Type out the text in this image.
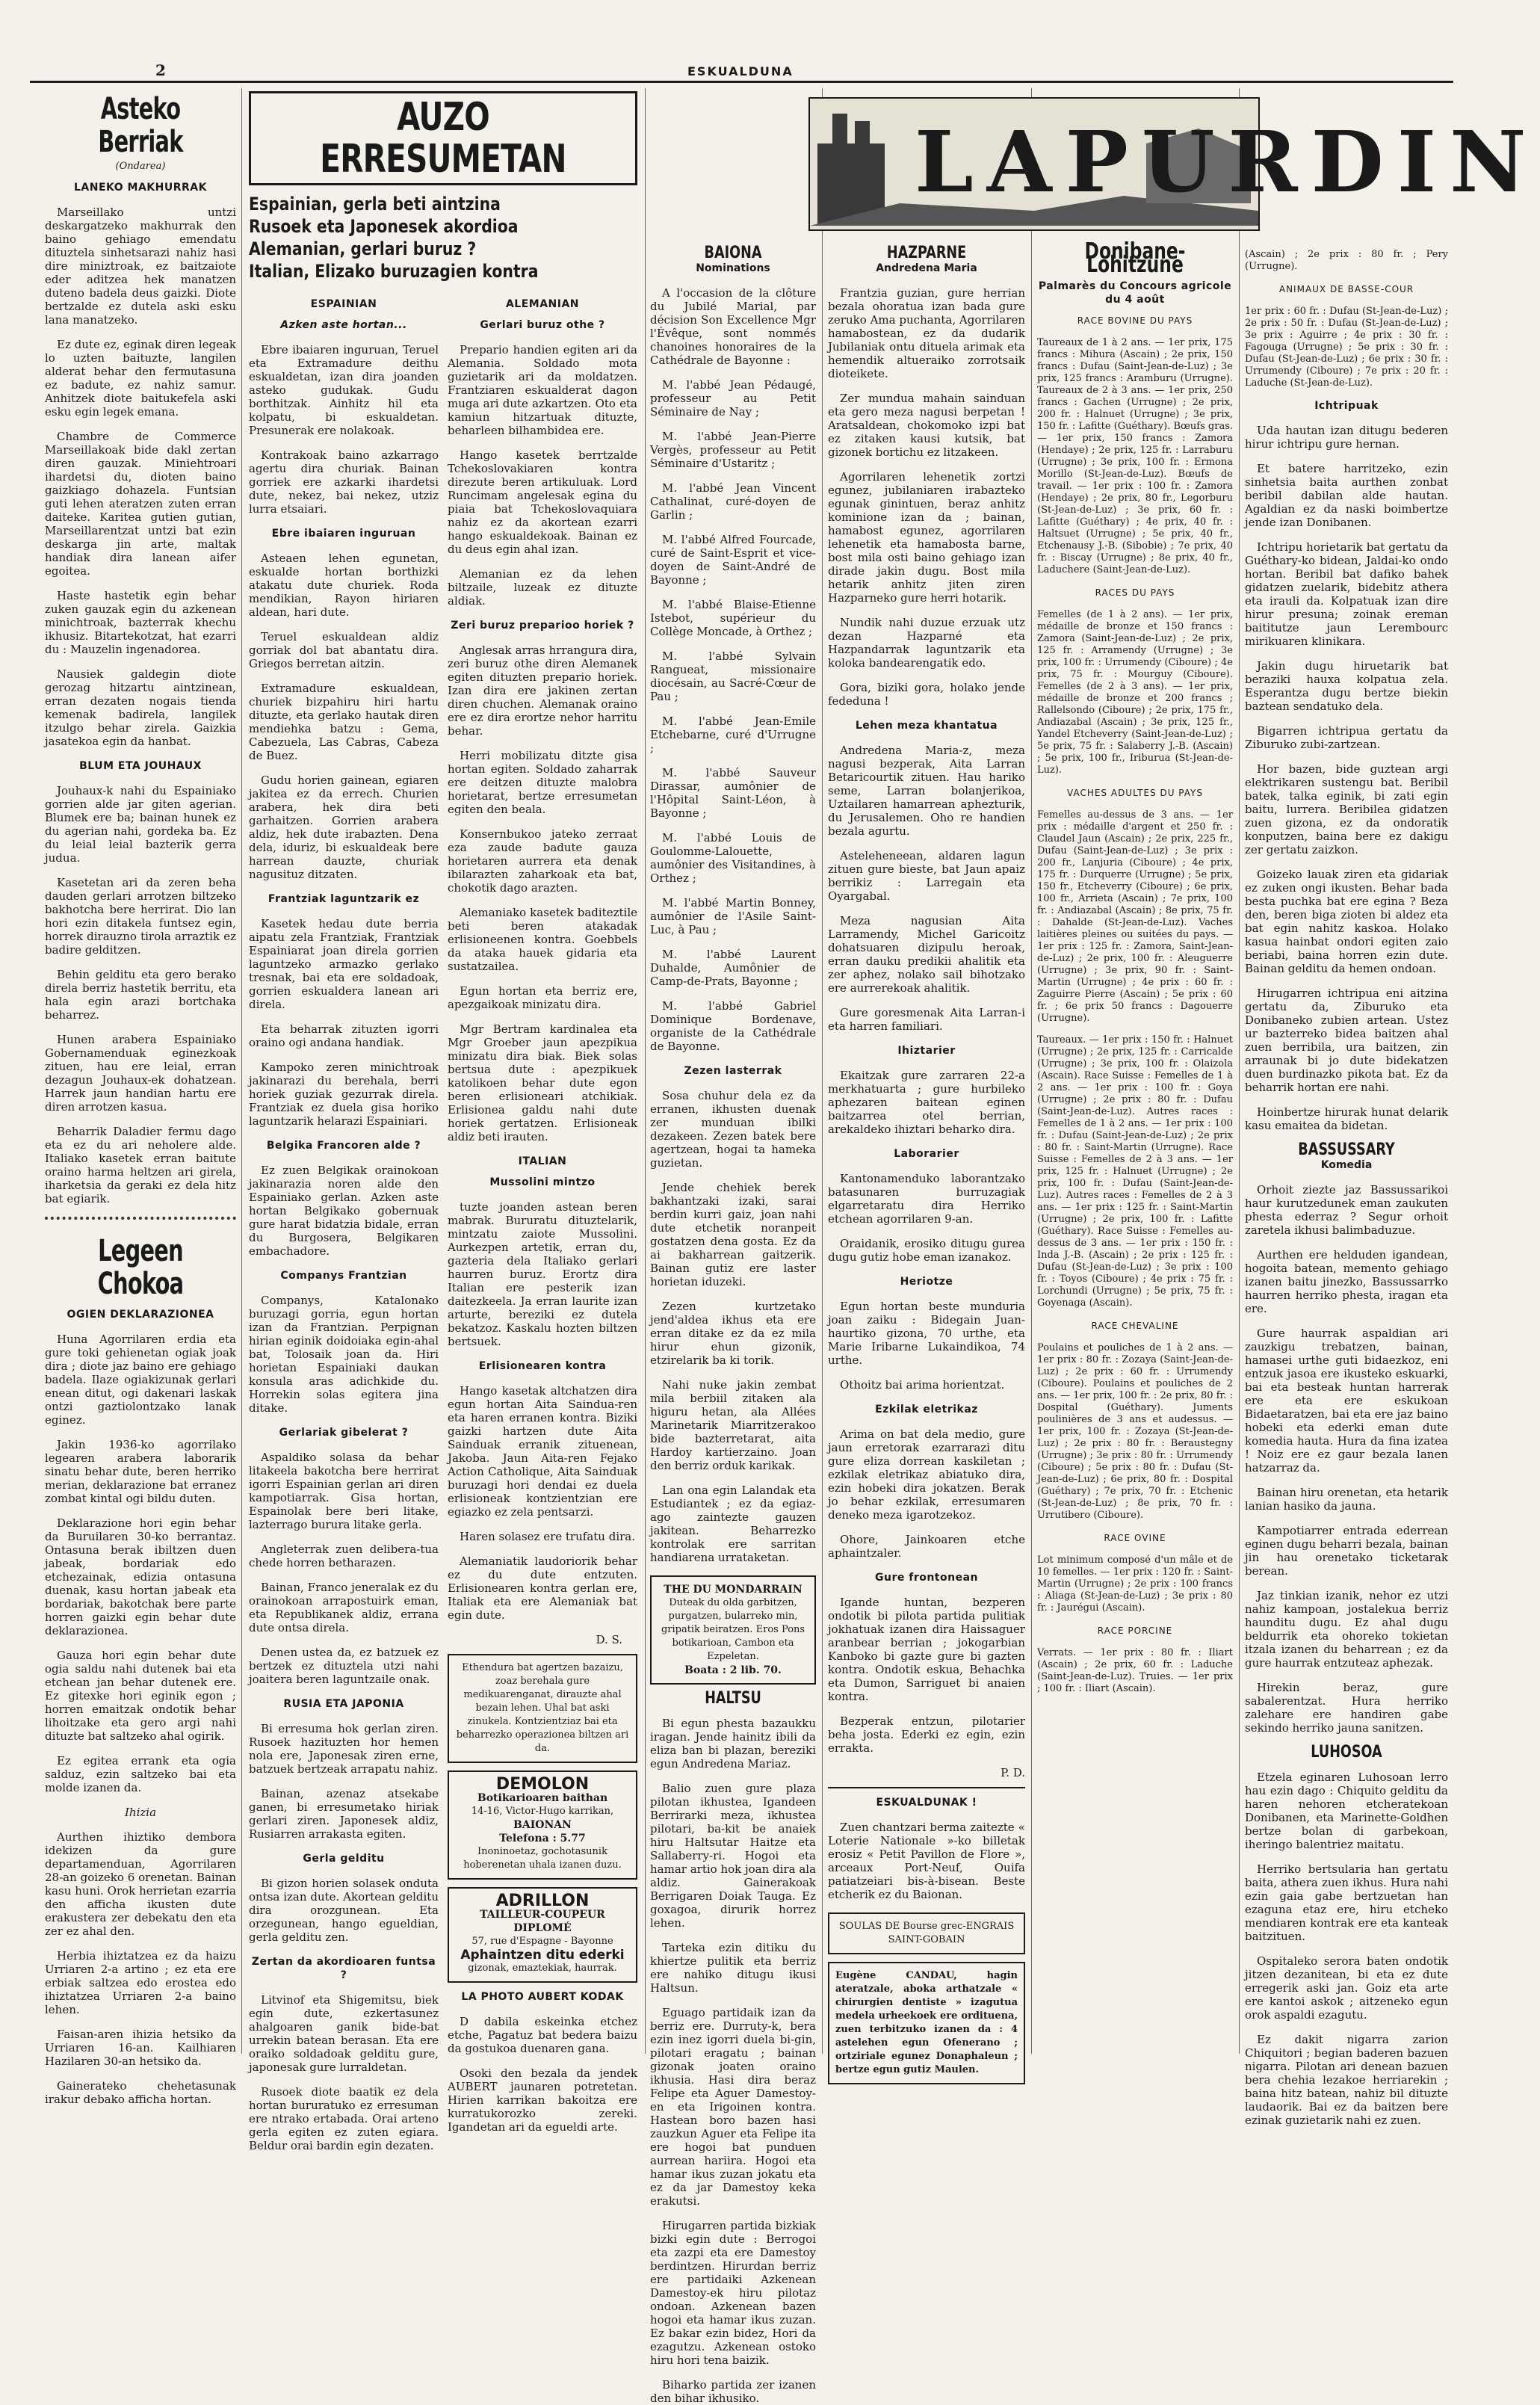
2	ESKUALDUNA
Asteko Berriak
(Ondarea)
LANEKO MAKHURRAK

Marseillako untzi deskargatzeko makhurrak den baino gehiago emendatu dituztela sinhetsarazi nahiz hasi dire miniztroak, ez baitzaiote eder aditzea hek manatzen duteno badela deus gaizki. Diote bertzalde ez dutela aski esku lana manatzeko.

Ez dute ez, eginak diren legeak lo uzten baituzte, langilen alderat behar den fermutasuna ez badute, ez nahiz samur. Anhitzek diote baitukefela aski esku egin legek emana.

Chambre de Commerce Marseillakoak bide dakl zertan diren gauzak. Miniehtroari ihardetsi du, dioten baino gaizkiago dohazela. Funtsian guti lehen ateratzen zuten erran daiteke. Karitea gutien gutian, Marseillarentzat untzi bat ezin deskarga jin arte, maltak handiak dira lanean aifer egoitea.

Haste hastetik egin behar zuken gauzak egin du azkenean minichtroak, bazterrak khechu ikhusiz. Bitartekotzat, hat ezarri du : Mauzelin ingenadorea.

Nausiek galdegin diote gerozag hitzartu aintzinean, erran dezaten nogais tienda kemenak badirela, langilek itzulgo behar zirela. Gaizkia jasatekoa egin da hanbat.

BLUM ETA JOUHAUX

Jouhaux-k nahi du Espainiako gorrien alde jar giten agerian. Blumek ere ba; bainan hunek ez du agerian nahi, gordeka ba. Ez du leial leial bazterik gerra judua.

Kasetetan ari da zeren beha dauden gerlari arrotzen biltzeko bakhotcha bere herrirat. Dio lan hori ezin ditakela funtsez egin, horrek dirauzno tirola arraztik ez badire gelditzen.

Behin gelditu eta gero berako direla berriz hastetik berritu, eta hala egin arazi bortchaka beharrez.

Hunen arabera Espainiako Gobernamenduak eginezkoak zituen, hau ere leial, erran dezagun Jouhaux-ek dohatzean. Harrek jaun handian hartu ere diren arrotzen kasua.

Beharrik Daladier fermu dago eta ez du ari neholere alde. Italiako kasetek erran baitute oraino harma heltzen ari girela, iharketsia da geraki ez dela hitz bat egiarik.

Legeen Chokoa
OGIEN DEKLARAZIONEA

Huna Agorrilaren erdia eta gure toki gehienetan ogiak joak dira ; diote jaz baino ere gehiago badela. Ilaze ogiakizunak gerlari enean ditut, ogi dakenari laskak ontzi gaztiolontzako lanak eginez.

Jakin 1936-ko agorrilako legearen arabera laborarik sinatu behar dute, beren herriko merian, deklarazione bat erranez zombat kintal ogi bildu duten.

Deklarazione hori egin behar da Buruilaren 30-ko berrantaz. Ontasuna berak ibiltzen duen jabeak, bordariak edo etchezainak, edizia ontasuna duenak, kasu hortan jabeak eta bordariak, bakotchak bere parte horren gaizki egin behar dute deklarazionea.

Gauza hori egin behar dute ogia saldu nahi dutenek bai eta etchean jan behar dutenek ere. Ez gitexke hori eginik egon ; horren emaitzak ondotik behar lihoitzake eta gero argi nahi dituzte bat saltzeko ahal ogirik.

Ez egitea errank eta ogia salduz, ezin saltzeko bai eta molde izanen da.

Ihizia

Aurthen ihiztiko dembora idekizen da gure departamenduan, Agorrilaren 28-an goizeko 6 orenetan. Bainan kasu huni. Orok herrietan ezarria den afficha ikusten dute erakustera zer debekatu den eta zer ez ahal den.

Herbia ihiztatzea ez da haizu Urriaren 2-a artino ; ez eta ere erbiak saltzea edo erostea edo ihiztatzea Urriaren 2-a baino lehen.

Faisan-aren ihizia hetsiko da Urriaren 16-an. Kailhiaren Hazilaren 30-an hetsiko da.

Gainerateko chehetasunak irakur debako afficha hortan.

AUZO ERRESUMETAN
Espainian, gerla beti aintzina
Rusoek eta Japonesek akordioa
Alemanian, gerlari buruz ?
Italian, Elizako buruzagien kontra
ESPAINIAN
Azken aste hortan...

Ebre ibaiaren inguruan, Teruel eta Extramadure deithu eskualdetan, izan dira joanden asteko gudukak. Gudu borthitzak. Ainhitz hil eta kolpatu, bi eskualdetan. Presunerak ere nolakoak.

Kontrakoak baino azkarrago agertu dira churiak. Bainan gorriek ere azkarki ihardetsi dute, nekez, bai nekez, utziz lurra etsaiari.

Ebre ibaiaren inguruan

Asteaen lehen egunetan, eskualde hortan borthizki atakatu dute churiek. Roda mendikian, Rayon hiriaren aldean, hari dute.

Teruel eskualdean aldiz gorriak dol bat abantatu dira. Griegos berretan aitzin.

Extramadure eskualdean, churiek bizpahiru hiri hartu dituzte, eta gerlako hautak diren mendiehka batzu : Gema, Cabezuela, Las Cabras, Cabeza de Buez.

Gudu horien gainean, egiaren jakitea ez da errech. Churien arabera, hek dira beti garhaitzen. Gorrien arabera aldiz, hek dute irabazten. Dena dela, iduriz, bi eskualdeak bere harrean dauzte, churiak nagusituz ditzaten.

Frantziak laguntzarik ez

Kasetek hedau dute berria aipatu zela Frantziak, Frantziak Espainiarat joan direla gorrien laguntzeko armazko gerlako tresnak, bai eta ere soldadoak, gorrien eskualdera lanean ari direla.

Eta beharrak zituzten igorri oraino ogi andana handiak.

Kampoko zeren minichtroak jakinarazi du berehala, berri horiek guziak gezurrak direla. Frantziak ez duela gisa horiko laguntzarik helarazi Espainiari.

Belgika Francoren alde ?

Ez zuen Belgikak orainokoan jakinarazia noren alde den Espainiako gerlan. Azken aste hortan Belgikako gobernuak gure harat bidatzia bidale, erran du Burgosera, Belgikaren embachadore.

Companys Frantzian

Companys, Katalonako buruzagi gorria, egun hortan izan da Frantzian. Perpignan hirian eginik doidoiaka egin-ahal bat, Tolosaik joan da. Hiri horietan Espainiaki daukan konsula aras adichkide du. Horrekin solas egitera jina ditake.

Gerlariak gibelerat ?

Aspaldiko solasa da behar litakeela bakotcha bere herrirat igorri Espainian gerlan ari diren kampotiarrak. Gisa hortan, Espainolak bere beri litake, lazterrago burura litake gerla.

Angleterrak zuen delibera-tua chede horren betharazen.

Bainan, Franco jeneralak ez du orainokoan arrapostuirk eman, eta Republikanek aldiz, errana dute ontsa direla.

Denen ustea da, ez batzuek ez bertzek ez dituztela utzi nahi joaitera beren laguntzaile onak.

RUSIA ETA JAPONIA

Bi erresuma hok gerlan ziren. Rusoek hazituzten hor hemen nola ere, Japonesak ziren erne, batzuek bertzeak arrapatu nahiz.

Bainan, azenaz atsekabe ganen, bi erresumetako hiriak gerlari ziren. Japonesek aldiz, Rusiarren arrakasta egiten.

Gerla gelditu

Bi gizon horien solasek onduta ontsa izan dute. Akortean gelditu dira orozgunean. Eta orzegunean, hango egueldian, gerla gelditu zen.

Zertan da akordioaren funtsa ?

Litvinof eta Shigemitsu, biek egin dute, ezkertasunez ahalgoaren ganik bide-bat urrekin batean berasan. Eta ere oraiko soldadoak gelditu gure, japonesak gure lurraldetan.

Rusoek diote baatik ez dela hortan bururatuko ez erresuman ere ntrako ertabada. Orai arteno gerla egiten ez zuten egiara. Beldur orai bardin egin dezaten.

ALEMANIAN
Gerlari buruz othe ?

Prepario handien egiten ari da Alemania. Soldado mota guzietarik ari da moldatzen. Frantziaren eskualderat dagon muga ari dute azkartzen. Oto eta kamiun hitzartuak dituzte, beharleen bilhambidea ere.

Hango kasetek berrtzalde Tchekoslovakiaren kontra direzute beren artikuluak. Lord Runcimam angelesak egina du piaia bat Tchekoslovaquiara nahiz ez da akortean ezarri hango eskualdekoak. Bainan ez du deus egin ahal izan.

Alemanian ez da lehen biltzaile, luzeak ez dituzte aldiak.

Zeri buruz preparioo horiek ?

Anglesak arras hrrangura dira, zeri buruz othe diren Alemanek egiten dituzten prepario horiek. Izan dira ere jakinen zertan diren chuchen. Alemanak oraino ere ez dira erortze nehor harritu behar.

Herri mobilizatu ditzte gisa hortan egiten. Soldado zaharrak ere deitzen dituzte malobra horietarat, bertze erresumetan egiten den beala.

Konsernbukoo jateko zerraat eza zaude badute gauza horietaren aurrera eta denak ibilarazten zaharkoak eta bat, chokotik dago arazten.

Alemaniako kasetek baditeztile beti beren atakadak erlisioneenen kontra. Goebbels da ataka hauek gidaria eta sustatzailea.

Egun hortan eta berriz ere, apezgaikoak minizatu dira.

Mgr Bertram kardinalea eta Mgr Groeber jaun apezpikua minizatu dira biak. Biek solas bertsua dute : apezpikuek katolikoen behar dute egon beren erlisioneari atchikiak. Erlisionea galdu nahi dute horiek gertatzen. Erlisioneak aldiz beti irauten.

ITALIAN
Mussolini mintzo

tuzte joanden astean beren mabrak. Bururatu dituztelarik, mintzatu zaiote Mussolini. Aurkezpen artetik, erran du, gazteria dela Italiako gerlari haurren buruz. Erortz dira Italian ere pesterik izan daitezkeela. Ja erran laurite izan arturte, bereziki ez dutela bekatzoz. Kaskalu hozten biltzen bertsuek.

Erlisionearen kontra

Hango kasetak altchatzen dira egun hortan Aita Saindua-ren eta haren erranen kontra. Biziki gaizki hartzen dute Aita Sainduak erranik zituenean, Jakoba. Jaun Aita-ren Fejako Action Catholique, Aita Sainduak buruzagi hori dendai ez duela erlisioneak kontzientzian ere egiazko ez zela pentsarzi.

Haren solasez ere trufatu dira.

Alemaniatik laudoriorik behar ez du dute entzuten. Erlisionearen kontra gerlan ere, Italiak eta ere Alemaniak bat egin dute.

D. S.
Ethendura bat agertzen bazaizu, zoaz berehala gure medikuarenganat, dirauzte ahal bezain lehen. Uhal bat aski zinukela. Kontzientziaz bai eta beharrezko operazionea biltzen ari da.
DEMOLON
Botikarioaren baithan
14-16, Victor-Hugo karrikan,
BAIONAN
Telefona : 5.77
Inoninoetaz, gochotasunik hoberenetan uhala izanen duzu.
ADRILLON
TAILLEUR-COUPEUR DIPLOMÉ
57, rue d'Espagne - Bayonne
Aphaintzen ditu ederki
gizonak, emaztekiak, haurrak.
LA PHOTO AUBERT KODAK

D dabila eskeinka etchez etche, Pagatuz bat bedera baizu da gostukoa duenaren gana.

Osoki den bezala da jendek AUBERT jaunaren potretetan. Hirien karrikan bakoitza ere kurratukorozko zereki. Igandetan ari da egueldi arte.

LAPURDIN
BAIONA
Nominations

A l'occasion de la clôture du Jubilé Marial, par décision Son Excellence Mgr l'Évêque, sont nommés chanoines honoraires de la Cathédrale de Bayonne :

M. l'abbé Jean Pédaugé, professeur au Petit Séminaire de Nay ;

M. l'abbé Jean-Pierre Vergès, professeur au Petit Séminaire d'Ustaritz ;

M. l'abbé Jean Vincent Cathalinat, curé-doyen de Garlin ;

M. l'abbé Alfred Fourcade, curé de Saint-Esprit et vice-doyen de Saint-André de Bayonne ;

M. l'abbé Blaise-Etienne Istebot, supérieur du Collège Moncade, à Orthez ;

M. l'abbé Sylvain Rangueat, missionaire diocésain, au Sacré-Cœur de Pau ;

M. l'abbé Jean-Emile Etchebarne, curé d'Urrugne ;

M. l'abbé Sauveur Dirassar, aumônier de l'Hôpital Saint-Léon, à Bayonne ;

M. l'abbé Louis de Goulomme-Lalouette, aumônier des Visitandines, à Orthez ;

M. l'abbé Martin Bonney, aumônier de l'Asile Saint-Luc, à Pau ;

M. l'abbé Laurent Duhalde, Aumônier de Camp-de-Prats, Bayonne ;

M. l'abbé Gabriel Dominique Bordenave, organiste de la Cathédrale de Bayonne.

Zezen lasterrak

Sosa chuhur dela ez da erranen, ikhusten duenak zer munduan ibilki dezakeen. Zezen batek bere agertzean, hogai ta hameka guzietan.

Jende chehiek berek bakhantzaki izaki, sarai berdin kurri gaiz, joan nahi dute etchetik noranpeit gostatzen dena gosta. Ez da ai bakharrean gaitzerik. Bainan gutiz ere laster horietan iduzeki.

Zezen kurtzetako jend'aldea ikhus eta ere erran ditake ez da ez mila hirur ehun gizonik, etzirelarik ba ki torik.

Nahi nuke jakin zembat mila berbiil zitaken ala higuru hetan, ala Allées Marinetarik Miarritzerakoo bide bazterretarat, aita Hardoy kartierzaino. Joan den berriz orduk karikak.

Lan ona egin Lalandak eta Estudiantek ; ez da egiaz-ago zaintezte gauzen jakitean. Beharrezko kontrolak ere sarritan handiarena urrataketan.

THE DU MONDARRAIN
Duteak du olda garbitzen, purgatzen, bularreko min, gripatik beiratzen. Eros Pons botikarioan, Cambon eta Ezpeletan.
Boata : 2 lib. 70.
HALTSU

Bi egun phesta bazaukku iragan. Jende hainitz ibili da eliza ban bi plazan, bereziki egun Andredena Mariaz.

Balio zuen gure plaza pilotan ikhustea, Igandeen Berrirarki meza, ikhustea pilotari, ba-kit be anaiek hiru Haltsutar Haitze eta Sallaberry-ri. Hogoi eta hamar artio hok joan dira ala aldiz. Gainerakoak Berrigaren Doiak Tauga. Ez goxagoa, dirurik horrez lehen.

Tarteka ezin ditiku du khiertze pulitik eta berriz ere nahiko ditugu ikusi Haltsun.

Eguago partidaik izan da berriz ere. Durruty-k, bera ezin inez igorri duela bi-gin, pilotari eragatu ; bainan gizonak joaten oraino ikhusia. Hasi dira beraz Felipe eta Aguer Damestoy-en eta Irigoinen kontra. Hastean boro bazen hasi zauzkun Aguer eta Felipe ita ere hogoi bat punduen aurrean hariira. Hogoi eta hamar ikus zuzan jokatu eta ez da jar Damestoy keka erakutsi.

Hirugarren partida bizkiak bizki egin dute : Berrogoi eta zazpi eta ere Damestoy berdintzen. Hirurdan berriz ere partidaiki Azkenean Damestoy-ek hiru pilotaz ondoan. Azkenean bazen hogoi eta hamar ikus zuzan. Ez bakar ezin bidez, Hori da ezagutzu. Azkenean ostoko hiru hori tena baizik.

Biharko partida zer izanen den bihar ikhusiko.

HAZPARNE
Andredena Maria

Frantzia guzian, gure herrian bezala ohoratua izan bada gure zeruko Ama puchanta, Agorrilaren hamabostean, ez da dudarik Jubilaniak ontu dituela arimak eta hemendik altueraiko zorrotsaik dioteikete.

Zer mundua mahain sainduan eta gero meza nagusi berpetan ! Aratsaldean, chokomoko izpi bat ez zitaken kausi kutsik, bat gizonek bortichu ez litzakeen.

Agorrilaren lehenetik zortzi egunez, jubilaniaren irabazteko egunak ginintuen, beraz anhitz kominione izan da ; bainan, hamabost egunez, agorrilaren lehenetik eta hamabosta barne, bost mila osti baino gehiago izan dirade jakin dugu. Bost mila hetarik anhitz jiten ziren Hazparneko gure herri hotarik.

Nundik nahi duzue erzuak utz dezan Hazparné eta Hazpandarrak laguntzarik eta koloka bandearengatik edo.

Gora, biziki gora, holako jende fededuna !

Lehen meza khantatua

Andredena Maria-z, meza nagusi bezperak, Aita Larran Betaricourtik zituen. Hau hariko seme, Larran bolanjerikoa, Uztailaren hamarrean aphezturik, du Jerusalemen. Oho re handien bezala agurtu.

Asteleheneean, aldaren lagun zituen gure bieste, bat Jaun apaiz berrikiz : Larregain eta Oyargabal.

Meza nagusian Aita Larramendy, Michel Garicoitz dohatsuaren dizipulu heroak, erran dauku predikii ahalitik eta zer aphez, nolako sail bihotzako ere aurrerekoak ahalitik.

Gure goresmenak Aita Larran-i eta harren familiari.

Ihiztarier

Ekaitzak gure zarraren 22-a merkhatuarta ; gure hurbileko aphezaren baitean eginen baitzarrea otel berrian, arekaldeko ihiztari beharko dira.

Laborarier

Kantonamenduko laborantzako batasunaren burruzagiak elgarretaratu dira Herriko etchean agorrilaren 9-an.

Oraidanik, erosiko ditugu gurea dugu gutiz hobe eman izanakoz.

Heriotze

Egun hortan beste munduria joan zaiku : Bidegain Juan-haurtiko gizona, 70 urthe, eta Marie Iribarne Lukaindikoa, 74 urthe.

Othoitz bai arima horientzat.

Ezkilak eletrikaz

Arima on bat dela medio, gure jaun erretorak ezarrarazi ditu gure eliza dorrean kaskiletan ; ezkilak eletrikaz abiatuko dira, ezin hobeki dira jokatzen. Berak jo behar ezkilak, erresumaren deneko meza igarotzekoz.

Ohore, Jainkoaren etche aphaintzaler.

Gure frontonean

Igande huntan, bezperen ondotik bi pilota partida pulitiak jokhatuak izanen dira Haissaguer aranbear berrian ; jokogarbian Kanboko bi gazte gure bi gazten kontra. Ondotik eskua, Behachka eta Dumon, Sarriguet bi anaien kontra.

Bezperak entzun, pilotarier beha josta. Ederki ez egin, ezin errakta.

P. D.
ESKUALDUNAK !

Zuen chantzari berma zaitezte « Loterie Nationale »-ko billetak erosiz « Petit Pavillon de Flore », arceaux Port-Neuf, Ouifa patiatzeiari bis-à-bisean. Beste etcherik ez du Baionan.

SOULAS DE Bourse grec-ENGRAIS SAINT-GOBAIN
Eugène CANDAU, hagin ateratzale, aboka arthatzale « chirurgien dentiste » izagutua medela urheekoek ere ordituena, zuen terbitzuko izanen da : 4 astelehen egun Ofenerano ; ortziriale egunez Donaphaleun ; bertze egun gutiz Maulen.
Donibane-Lohitzune
Palmarès du Concours agricole du 4 août
RACE BOVINE DU PAYS

Taureaux de 1 à 2 ans. — 1er prix, 175 francs : Mihura (Ascain) ; 2e prix, 150 francs : Dufau (Saint-Jean-de-Luz) ; 3e prix, 125 francs : Aramburu (Urrugne). Taureaux de 2 à 3 ans. — 1er prix, 250 francs : Gachen (Urrugne) ; 2e prix, 200 fr. : Halnuet (Urrugne) ; 3e prix, 150 fr. : Lafitte (Guéthary). Bœufs gras. — 1er prix, 150 francs : Zamora (Hendaye) ; 2e prix, 125 fr. : Larraburu (Urrugne) ; 3e prix, 100 fr. : Ermona Morillo (St-Jean-de-Luz). Bœufs de travail. — 1er prix : 100 fr. : Zamora (Hendaye) ; 2e prix, 80 fr., Legorburu (St-Jean-de-Luz) ; 3e prix, 60 fr. : Lafitte (Guéthary) ; 4e prix, 40 fr. : Haltsuet (Urrugne) ; 5e prix, 40 fr., Etchenausy J.-B. (Sibobie) ; 7e prix, 40 fr. : Biscay (Urrugne) ; 8e prix, 40 fr., Laduchere (Saint-Jean-de-Luz).

RACES DU PAYS

Femelles (de 1 à 2 ans). — 1er prix, médaille de bronze et 150 francs : Zamora (Saint-Jean-de-Luz) ; 2e prix, 125 fr. : Arramendy (Urrugne) ; 3e prix, 100 fr. : Urrumendy (Ciboure) ; 4e prix, 75 fr. : Mourguy (Ciboure). Femelles (de 2 à 3 ans). — 1er prix, médaille de bronze et 200 francs ; Rallelsondo (Ciboure) ; 2e prix, 175 fr., Andiazabal (Ascain) ; 3e prix, 125 fr., Yandel Etcheverry (Saint-Jean-de-Luz) ; 5e prix, 75 fr. : Salaberry J.-B. (Ascain) ; 5e prix, 100 fr., Iriburua (St-Jean-de-Luz).

VACHES ADULTES DU PAYS

Femelles au-dessus de 3 ans. — 1er prix : médaille d'argent et 250 fr. : Claudel Jaun (Ascain) ; 2e prix, 225 fr., Dufau (Saint-Jean-de-Luz) ; 3e prix : 200 fr., Lanjuria (Ciboure) ; 4e prix, 175 fr. : Durquerre (Urrugne) ; 5e prix, 150 fr., Etcheverry (Ciboure) ; 6e prix, 100 fr., Arrieta (Ascain) ; 7e prix, 100 fr. : Andiazabal (Ascain) ; 8e prix, 75 fr. : Dahalde (St-Jean-de-Luz). Vaches laitières pleines ou suitées du pays. — 1er prix : 125 fr. : Zamora, Saint-Jean-de-Luz) ; 2e prix, 100 fr. : Aleuguerre (Urrugne) ; 3e prix, 90 fr. : Saint-Martin (Urrugne) ; 4e prix : 60 fr. : Zaguirre Pierre (Ascain) ; 5e prix : 60 fr. ; 6e prix 50 francs : Dagouerre (Urrugne).

Taureaux. — 1er prix : 150 fr. : Halnuet (Urrugne) ; 2e prix, 125 fr. : Carricalde (Urrugne) ; 3e prix, 100 fr. : Olaizola (Ascain). Race Suisse : Femelles de 1 à 2 ans. — 1er prix : 100 fr. : Goya (Urrugne) ; 2e prix : 80 fr. : Dufau (Saint-Jean-de-Luz). Autres races : Femelles de 1 à 2 ans. — 1er prix : 100 fr. : Dufau (Saint-Jean-de-Luz) ; 2e prix : 80 fr. : Saint-Martin (Urrugne). Race Suisse : Femelles de 2 à 3 ans. — 1er prix, 125 fr. : Halnuet (Urrugne) ; 2e prix, 100 fr. : Dufau (Saint-Jean-de-Luz). Autres races : Femelles de 2 à 3 ans. — 1er prix : 125 fr. : Saint-Martin (Urrugne) ; 2e prix, 100 fr. : Lafitte (Guéthary). Race Suisse : Femelles au-dessus de 3 ans. — 1er prix : 150 fr. : Inda J.-B. (Ascain) ; 2e prix : 125 fr. : Dufau (St-Jean-de-Luz) ; 3e prix : 100 fr. : Toyos (Ciboure) ; 4e prix : 75 fr. : Lorchundi (Urrugne) ; 5e prix, 75 fr. : Goyenaga (Ascain).

RACE CHEVALINE

Poulains et pouliches de 1 à 2 ans. — 1er prix : 80 fr. : Zozaya (Saint-Jean-de-Luz) ; 2e prix : 60 fr. : Urrumendy (Ciboure). Poulains et pouliches de 2 ans. — 1er prix, 100 fr. : 2e prix, 80 fr. : Dospital (Guéthary). Juments poulinières de 3 ans et audessus. — 1er prix, 100 fr. : Zozaya (St-Jean-de-Luz) ; 2e prix : 80 fr. : Beraustegny (Urrugne) ; 3e prix : 80 fr. : Urrumendy (Ciboure) ; 5e prix : 80 fr. : Dufau (St-Jean-de-Luz) ; 6e prix, 80 fr. : Dospital (Guéthary) ; 7e prix, 70 fr. : Etchenic (St-Jean-de-Luz) ; 8e prix, 70 fr. : Urrutibero (Ciboure).

RACE OVINE

Lot minimum composé d'un mâle et de 10 femelles. — 1er prix : 120 fr. : Saint-Martin (Urrugne) ; 2e prix : 100 francs : Aliaga (St-Jean-de-Luz) ; 3e prix : 80 fr. : Jaurégui (Ascain).

RACE PORCINE

Verrats. — 1er prix : 80 fr. : Iliart (Ascain) ; 2e prix, 60 fr. : Laduche (Saint-Jean-de-Luz). Truies. — 1er prix ; 100 fr. : Iliart (Ascain).

(Ascain) ; 2e prix : 80 fr. ; Pery (Urrugne).

ANIMAUX DE BASSE-COUR

1er prix : 60 fr. : Dufau (St-Jean-de-Luz) ; 2e prix : 50 fr. : Dufau (St-Jean-de-Luz) ; 3e prix : Aguirre ; 4e prix : 30 fr. : Fagouga (Urrugne) ; 5e prix : 30 fr. : Dufau (St-Jean-de-Luz) ; 6e prix : 30 fr. : Urrumendy (Ciboure) ; 7e prix : 20 fr. : Laduche (St-Jean-de-Luz).

Ichtripuak

Uda hautan izan ditugu bederen hirur ichtripu gure hernan.

Et batere harritzeko, ezin sinhetsia baita aurthen zonbat beribil dabilan alde hautan. Agaldian ez da naski boimbertze jende izan Donibanen.

Ichtripu horietarik bat gertatu da Guéthary-ko bidean, Jaldai-ko ondo hortan. Beribil bat dafiko bahek gidatzen zuelarik, bidebitz athera eta irauli da. Kolpatuak izan dire hirur presuna; zoinak ereman baititutze jaun Lerembourc mirikuaren klinikara.

Jakin dugu hiruetarik bat beraziki hauxa kolpatua zela. Esperantza dugu bertze biekin baztean sendatuko dela.

Bigarren ichtripua gertatu da Ziburuko zubi-zartzean.

Hor bazen, bide guztean argi elektrikaren sustengu bat. Beribil batek, talka eginik, bi zati egin baitu, lurrera. Beribilea gidatzen zuen gizona, ez da ondoratik konputzen, baina bere ez dakigu zer gertatu zaizkon.

Goizeko lauak ziren eta gidariak ez zuken ongi ikusten. Behar bada besta puchka bat ere egina ? Beza den, beren biga zioten bi aldez eta bat egin nahitz kaskoa. Holako kasua hainbat ondori egiten zaio beriabi, baina horren ezin dute. Bainan gelditu da hemen ondoan.

Hirugarren ichtripua eni aitzina gertatu da, Ziburuko eta Donibaneko zubien artean. Ustez ur bazterreko bidea baitzen ahal zuen berribila, ura baitzen, zin arraunak bi jo dute bidekatzen duen burdinazko pikota bat. Ez da beharrik hortan ere nahi.

Hoinbertze hirurak hunat delarik kasu emaitea da bidetan.

BASSUSSARY
Komedia

Orhoit ziezte jaz Bassussarikoi haur kurutzedunek eman zaukuten phesta ederraz ? Segur orhoit zaretela ikhusi balimbaduzue.

Aurthen ere helduden igandean, hogoita batean, memento gehiago izanen baitu jinezko, Bassussarrko haurren herriko phesta, iragan eta ere.

Gure haurrak aspaldian ari zauzkigu trebatzen, bainan, hamasei urthe guti bidaezkoz, eni entzuk jasoa ere ikusteko eskuarki, bai eta besteak huntan harrerak ere eta ere eskukoan Bidaetaratzen, bai eta ere jaz baino hobeki eta ederki eman dute komedia hauta. Hura da fina izatea ! Noiz ere ez gaur bezala lanen hatzarraz da.

Bainan hiru orenetan, eta hetarik lanian hasiko da jauna.

Kampotiarrer entrada ederrean eginen dugu beharri bezala, bainan jin hau orenetako ticketarak berean.

Jaz tinkian izanik, nehor ez utzi nahiz kampoan, jostalekua berriz haunditu dugu. Ez ahal dugu beldurrik eta ohoreko tokietan itzala izanen du beharrean ; ez da gure haurrak entzuteaz aphezak.

Hirekin beraz, gure sabalerentzat. Hura herriko zalehare ere handiren gabe sekindo herriko jauna sanitzen.

LUHOSOA

Etzela eginaren Luhosoan lerro hau ezin dago : Chiquito gelditu da haren nehoren etcheratekoan Donibanen, eta Marinette-Goldhen bertze bolan di garbekoan, iheringo balentriez maitatu.

Herriko bertsularia han gertatu baita, athera zuen ikhus. Hura nahi ezin gaia gabe bertzuetan han ezaguna etaz ere, hiru etcheko mendiaren kontrak ere eta kanteak baitzituen.

Ospitaleko serora baten ondotik jitzen dezanitean, bi eta ez dute erregerik aski jan. Goiz eta arte ere kantoi askok ; aitzeneko egun orok aspaldi ezagutu.

Ez dakit nigarra zarion Chiquitori ; begian baderen bazuen nigarra. Pilotan ari denean bazuen bera chehia lezakoe herriarekin ; baina hitz batean, nahiz bil dituzte laudaorik. Bai ez da baitzen bere ezinak guzietarik nahi ez zuen.
